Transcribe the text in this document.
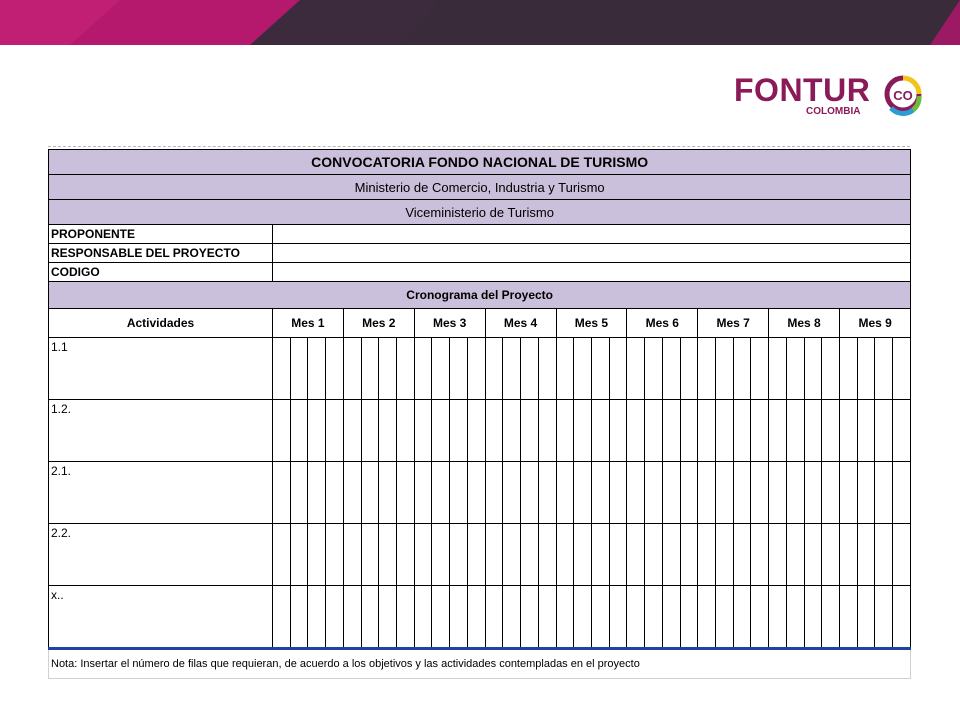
FONTUR
COLOMBIA
CO
CONVOCATORIA FONDO NACIONAL DE TURISMO																																				
Ministerio de Comercio, Industria y Turismo																																				
Viceministerio de Turismo																																				
PROPONENTE																																				
RESPONSABLE DEL PROYECTO																																				
CODIGO																																				
Cronograma del Proyecto																																				
Actividades	Mes 1				Mes 2				Mes 3				Mes 4				Mes 5				Mes 6				Mes 7				Mes 8				Mes 9			
1.1																																				
1.2.																																				
2.1.																																				
2.2.																																				
x..																																				
Nota: Insertar el número de filas que requieran, de acuerdo a los objetivos y las actividades contempladas en el proyecto																																				
